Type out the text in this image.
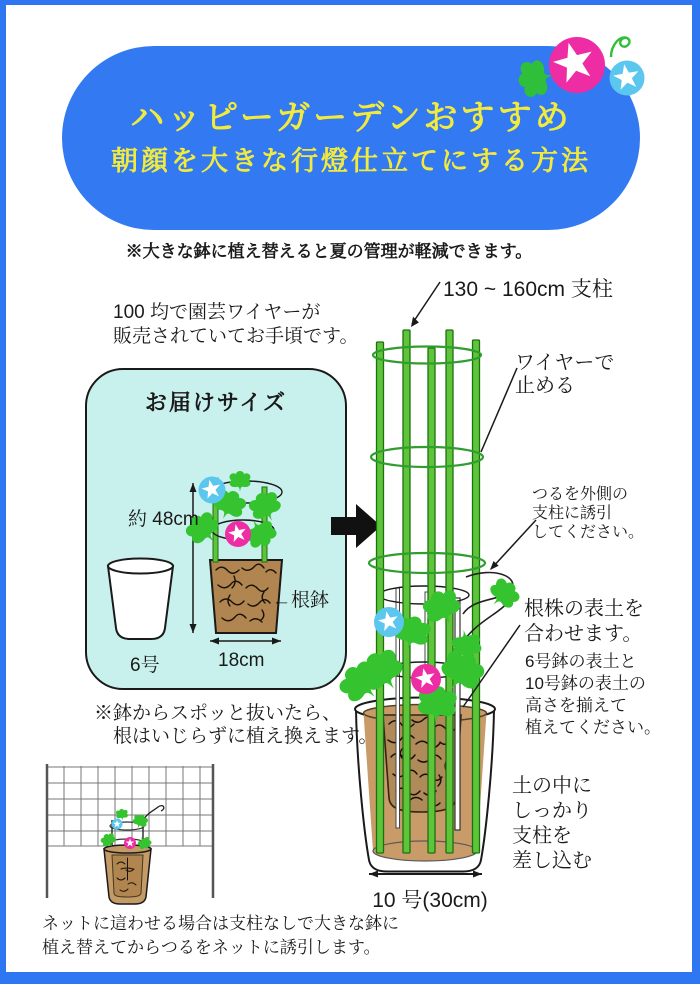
ハッピーガーデンおすすめ
朝顔を大きな行燈仕立てにする方法
※大きな鉢に植え替えると夏の管理が軽減できます。
100 均で園芸ワイヤーが
販売されていてお手頃です。
130 ~ 160cm 支柱
お届けサイズ
約 48cm
6号	18cm
←根鉢
ワイヤーで
止める
つるを外側の
支柱に誘引
してください。
根株の表土を
合わせます。
6号鉢の表土と
10号鉢の表土の
高さを揃えて
植えてください。
土の中に
しっかり
支柱を
差し込む
10 号(30cm)
※鉢からスポッと抜いたら、
根はいじらずに植え換えます。
ネットに這わせる場合は支柱なしで大きな鉢に
植え替えてからつるをネットに誘引します。
